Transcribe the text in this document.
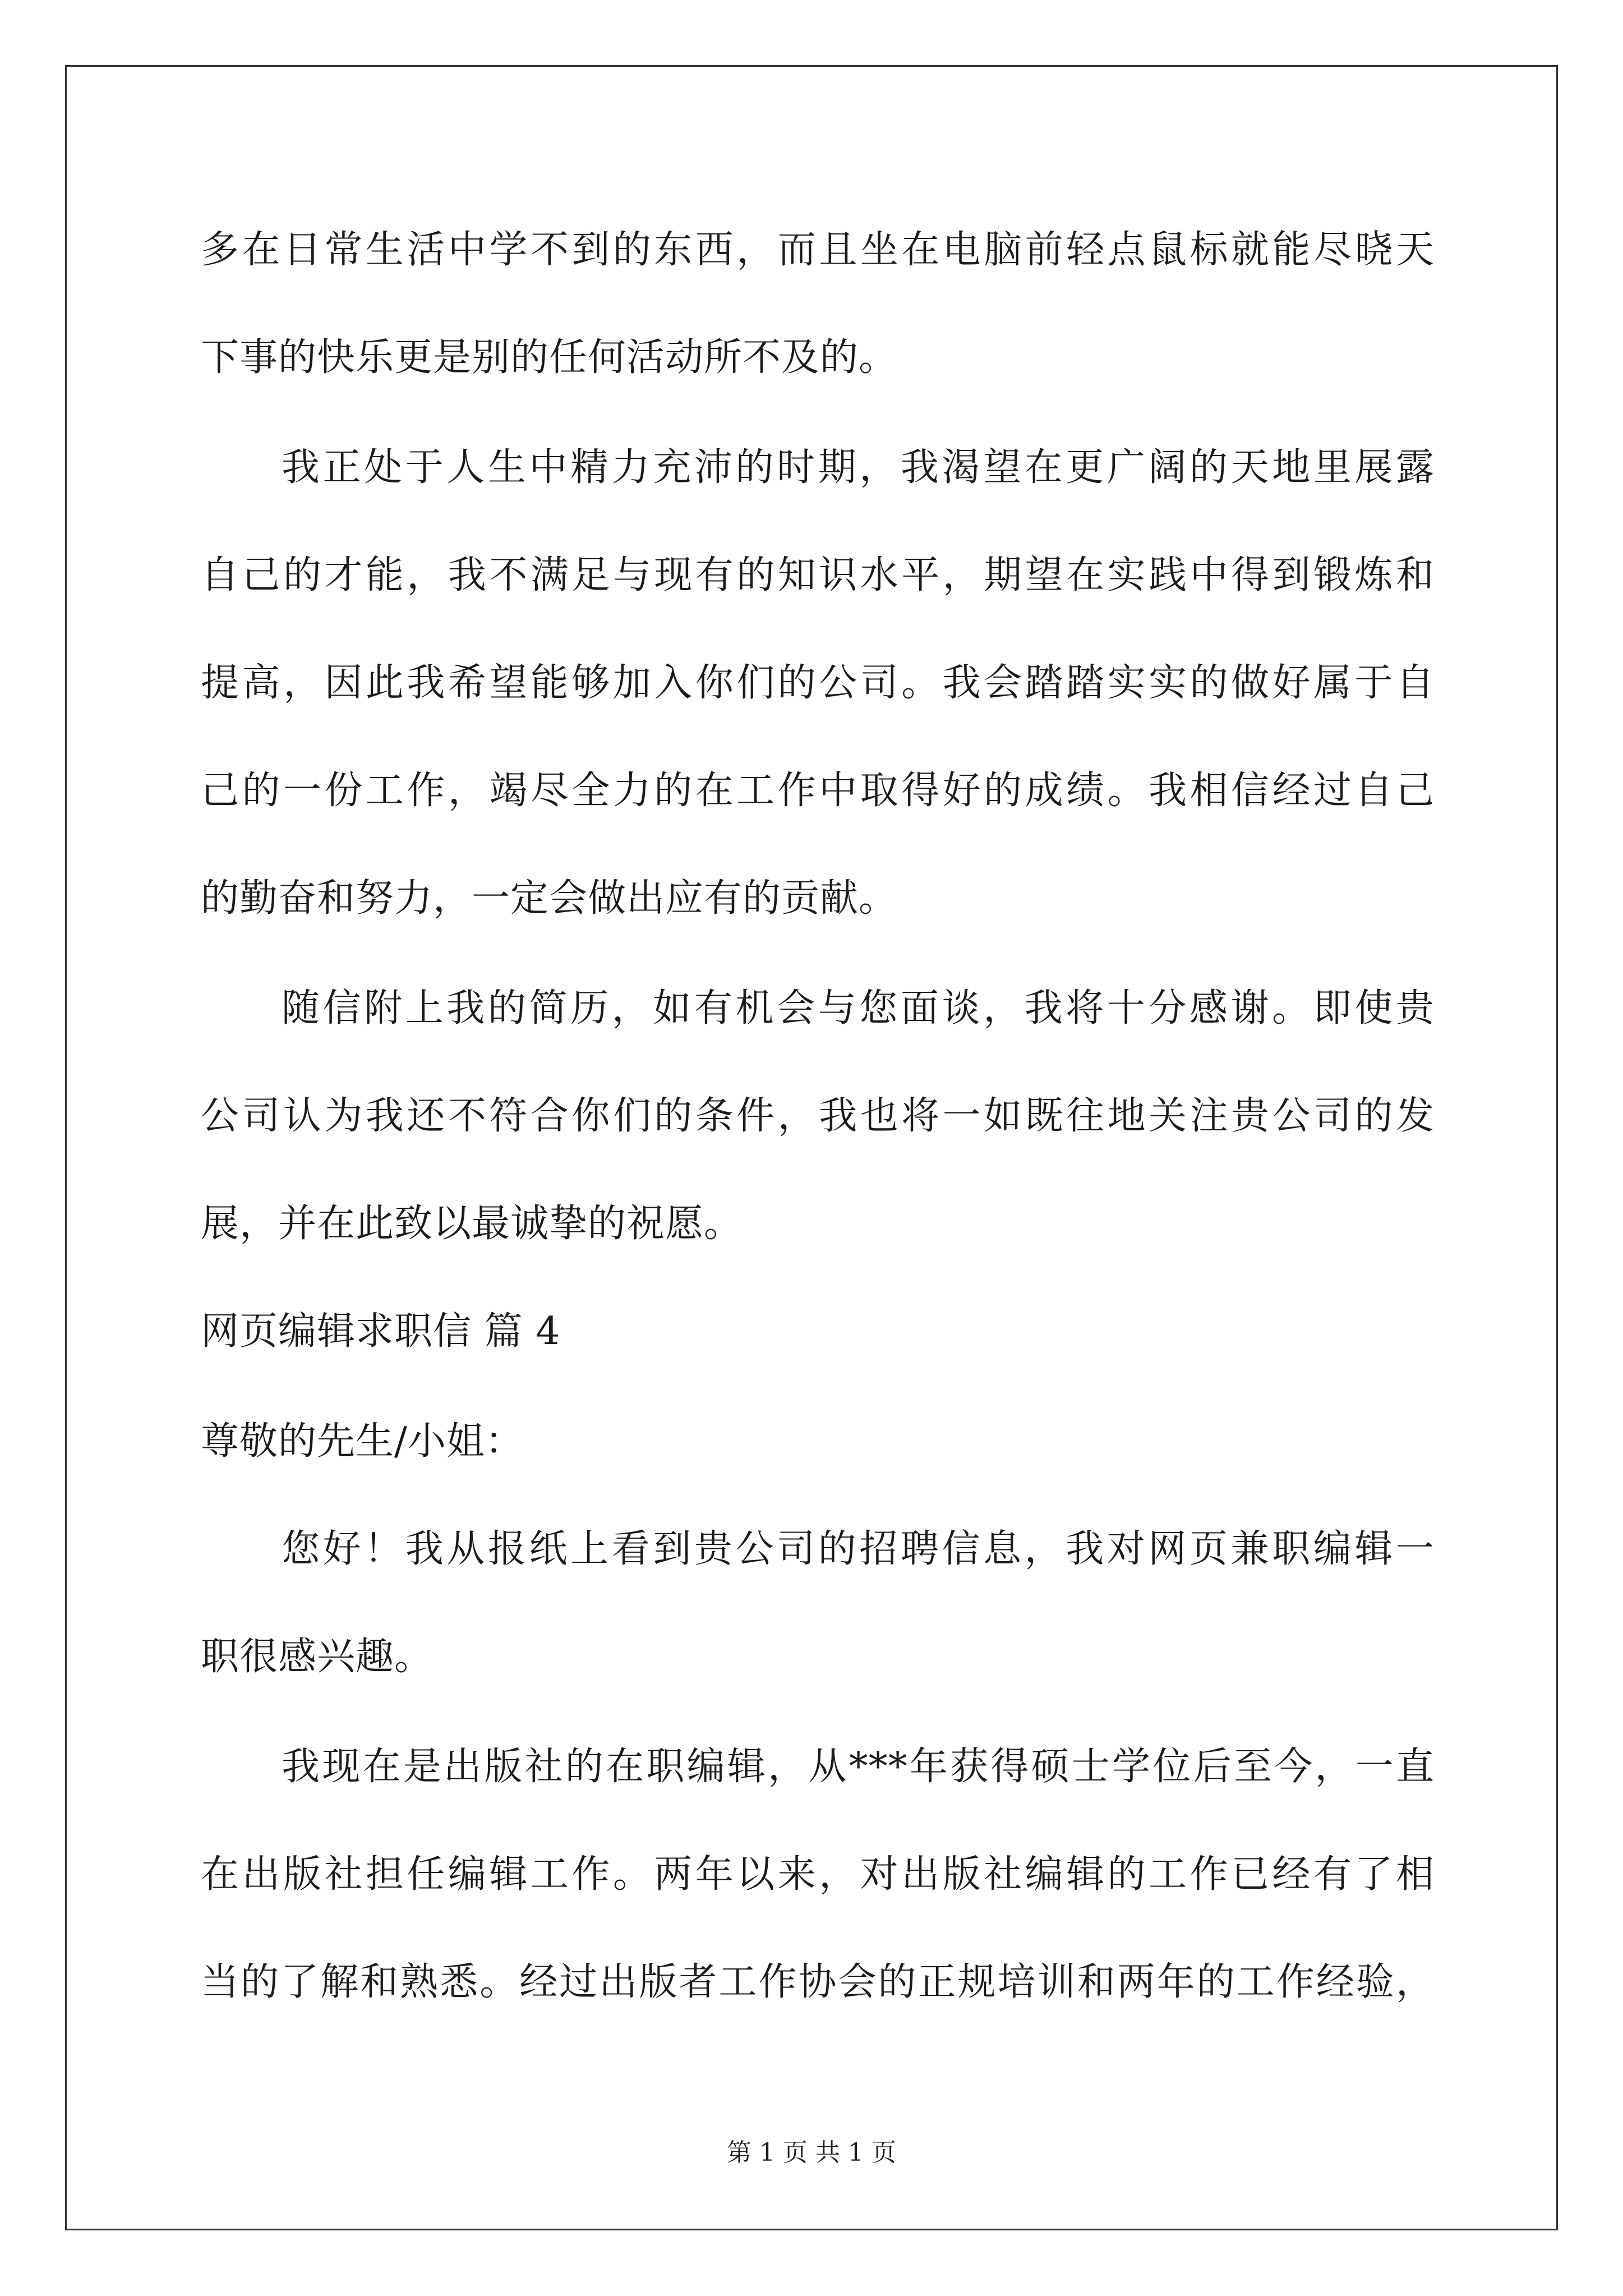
多在日常生活中学不到的东西，而且坐在电脑前轻点鼠标就能尽晓天
下事的快乐更是别的任何活动所不及的。
我正处于人生中精力充沛的时期，我渴望在更广阔的天地里展露
自己的才能，我不满足与现有的知识水平，期望在实践中得到锻炼和
提高，因此我希望能够加入你们的公司。我会踏踏实实的做好属于自
己的一份工作，竭尽全力的在工作中取得好的成绩。我相信经过自己
的勤奋和努力，一定会做出应有的贡献。
随信附上我的简历，如有机会与您面谈，我将十分感谢。即使贵
公司认为我还不符合你们的条件，我也将一如既往地关注贵公司的发
展，并在此致以最诚挚的祝愿。
网页编辑求职信 篇 4
尊敬的先生/小姐：
您好！我从报纸上看到贵公司的招聘信息，我对网页兼职编辑一
职很感兴趣。
我现在是出版社的在职编辑，从***年获得硕士学位后至今，一直
在出版社担任编辑工作。两年以来，对出版社编辑的工作已经有了相
当的了解和熟悉。经过出版者工作协会的正规培训和两年的工作经验，
第 1 页 共 1 页
